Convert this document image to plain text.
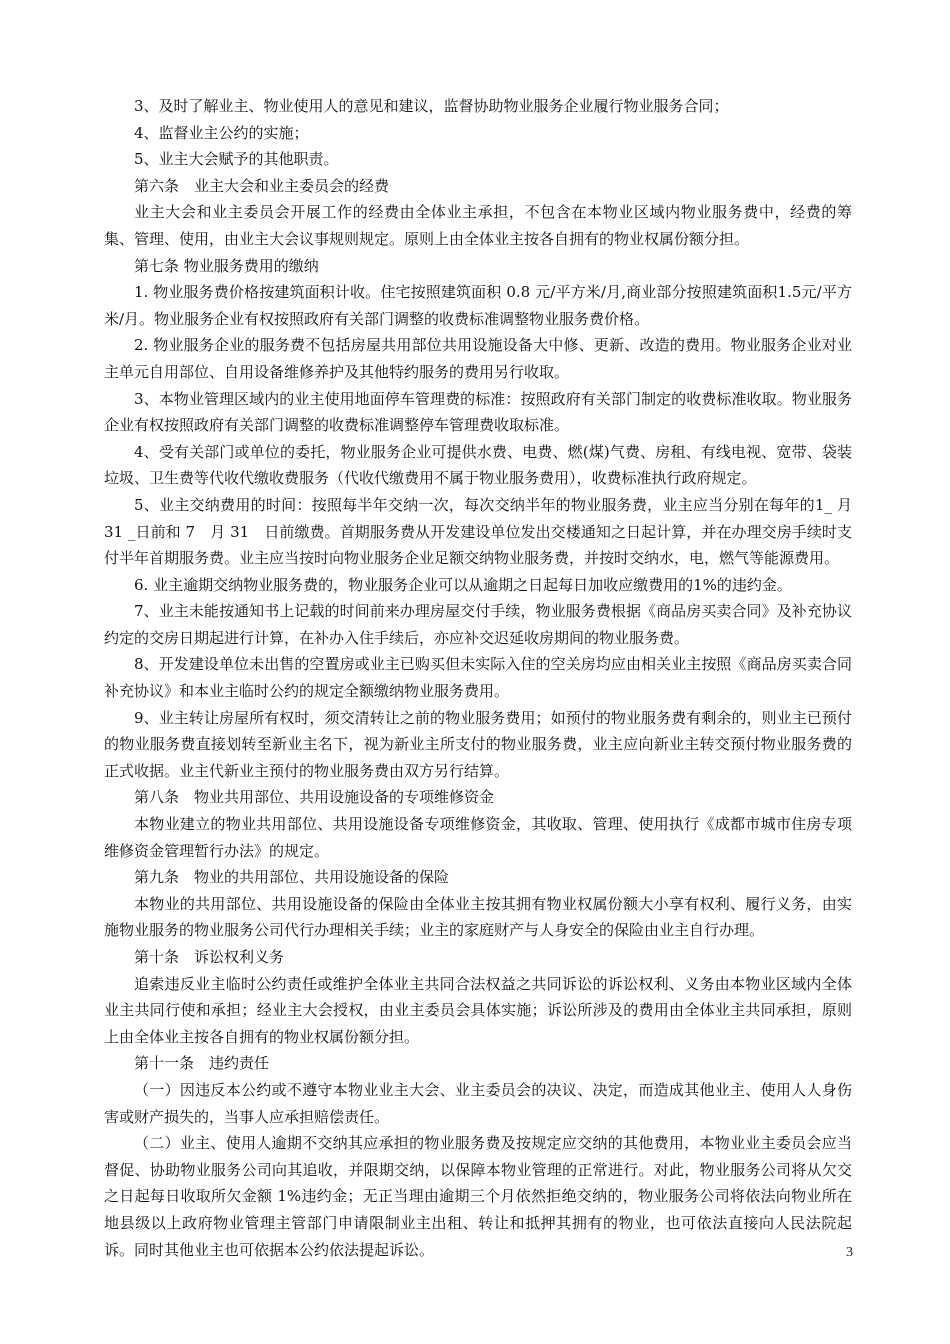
3、及时了解业主、物业使用人的意见和建议，监督协助物业服务企业履行物业服务合同；

4、监督业主公约的实施；

5、业主大会赋予的其他职责。

第六条　业主大会和业主委员会的经费

业主大会和业主委员会开展工作的经费由全体业主承担，不包含在本物业区域内物业服务费中，经费的筹集、管理、使用，由业主大会议事规则规定。原则上由全体业主按各自拥有的物业权属份额分担。

第七条 物业服务费用的缴纳

1. 物业服务费价格按建筑面积计收。住宅按照建筑面积 0.8 元/平方米/月,商业部分按照建筑面积1.5元/平方米/月。物业服务企业有权按照政府有关部门调整的收费标准调整物业服务费价格。

2. 物业服务企业的服务费不包括房屋共用部位共用设施设备大中修、更新、改造的费用。物业服务企业对业主单元自用部位、自用设备维修养护及其他特约服务的费用另行收取。

3、本物业管理区域内的业主使用地面停车管理费的标准：按照政府有关部门制定的收费标准收取。物业服务企业有权按照政府有关部门调整的收费标准调整停车管理费收取标准。

4、受有关部门或单位的委托，物业服务企业可提供水费、电费、燃(煤)气费、房租、有线电视、宽带、袋装垃圾、卫生费等代收代缴收费服务（代收代缴费用不属于物业服务费用），收费标准执行政府规定。

5、业主交纳费用的时间：按照每半年交纳一次，每次交纳半年的物业服务费，业主应当分别在每年的1_ 月　31 _日前和 7　月 31　日前缴费。首期服务费从开发建设单位发出交楼通知之日起计算，并在办理交房手续时支付半年首期服务费。业主应当按时向物业服务企业足额交纳物业服务费，并按时交纳水，电，燃气等能源费用。

6. 业主逾期交纳物业服务费的，物业服务企业可以从逾期之日起每日加收应缴费用的1%的违约金。

7、业主未能按通知书上记载的时间前来办理房屋交付手续，物业服务费根据《商品房买卖合同》及补充协议约定的交房日期起进行计算，在补办入住手续后，亦应补交迟延收房期间的物业服务费。

8、开发建设单位未出售的空置房或业主已购买但未实际入住的空关房均应由相关业主按照《商品房买卖合同补充协议》和本业主临时公约的规定全额缴纳物业服务费用。

9、业主转让房屋所有权时，须交清转让之前的物业服务费用；如预付的物业服务费有剩余的，则业主已预付的物业服务费直接划转至新业主名下，视为新业主所支付的物业服务费，业主应向新业主转交预付物业服务费的正式收据。业主代新业主预付的物业服务费由双方另行结算。

第八条　物业共用部位、共用设施设备的专项维修资金

本物业建立的物业共用部位、共用设施设备专项维修资金，其收取、管理、使用执行《成都市城市住房专项维修资金管理暂行办法》的规定。

第九条　物业的共用部位、共用设施设备的保险

本物业的共用部位、共用设施设备的保险由全体业主按其拥有物业权属份额大小享有权利、履行义务，由实施物业服务的物业服务公司代行办理相关手续；业主的家庭财产与人身安全的保险由业主自行办理。

第十条　诉讼权利义务

追索违反业主临时公约责任或维护全体业主共同合法权益之共同诉讼的诉讼权利、义务由本物业区域内全体业主共同行使和承担；经业主大会授权，由业主委员会具体实施；诉讼所涉及的费用由全体业主共同承担，原则上由全体业主按各自拥有的物业权属份额分担。

第十一条　违约责任

（一）因违反本公约或不遵守本物业业主大会、业主委员会的决议、决定，而造成其他业主、使用人人身伤害或财产损失的，当事人应承担赔偿责任。

（二）业主、使用人逾期不交纳其应承担的物业服务费及按规定应交纳的其他费用，本物业业主委员会应当督促、协助物业服务公司向其追收，并限期交纳，以保障本物业管理的正常进行。对此，物业服务公司将从欠交之日起每日收取所欠金额 1%违约金；无正当理由逾期三个月依然拒绝交纳的，物业服务公司将依法向物业所在地县级以上政府物业管理主管部门申请限制业主出租、转让和抵押其拥有的物业，也可依法直接向人民法院起诉。同时其他业主也可依据本公约依法提起诉讼。	3
